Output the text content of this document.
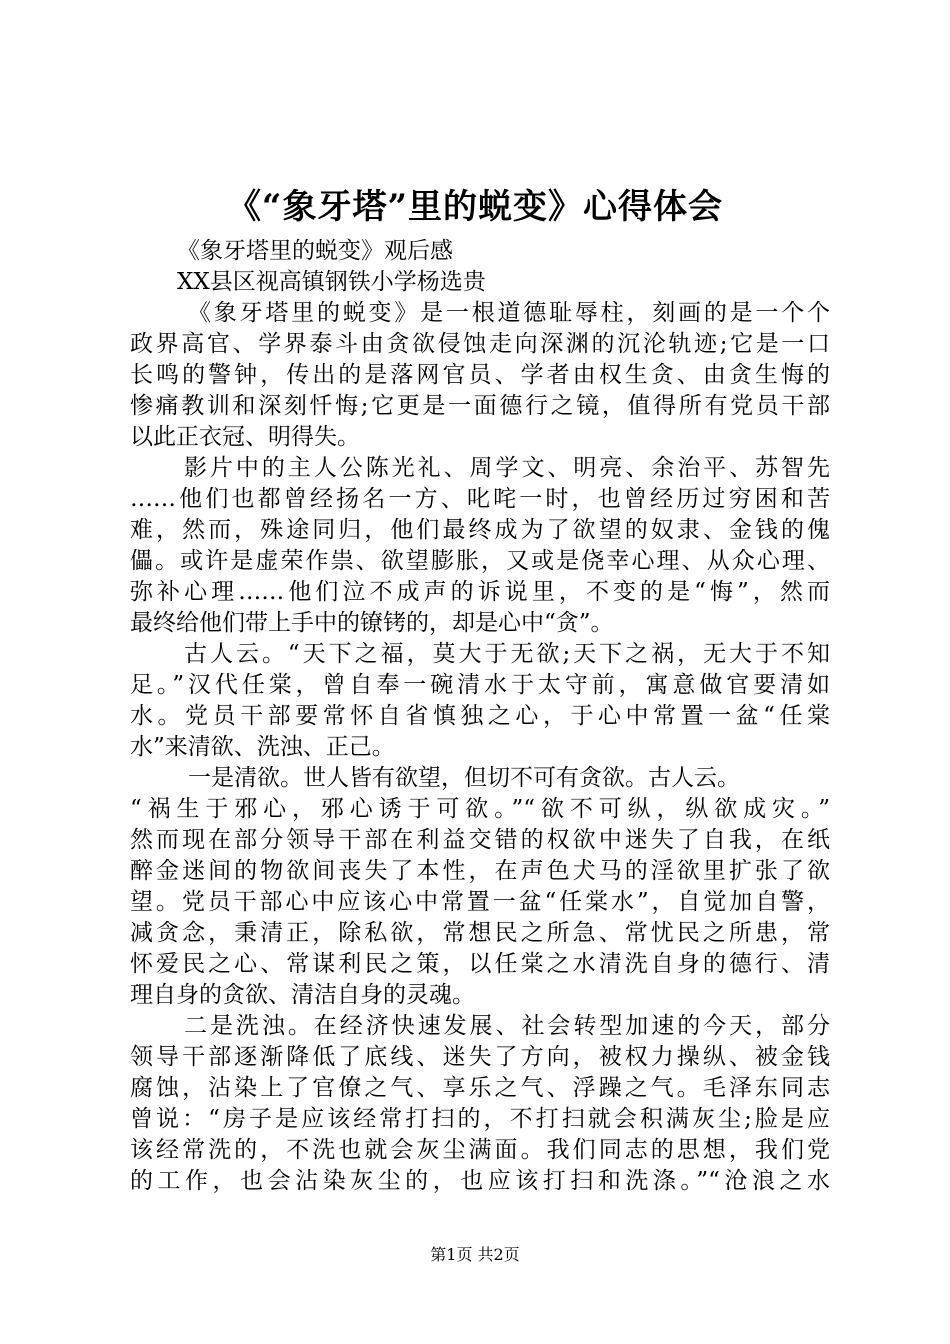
《“象牙塔”里的蜕变》心得体会
《象牙塔里的蜕变》观后感
XX县区视高镇钢铁小学杨选贵
《象牙塔里的蜕变》是一根道德耻辱柱，刻画的是一个个
政界高官、学界泰斗由贪欲侵蚀走向深渊的沉沦轨迹;它是一口
长鸣的警钟，传出的是落网官员、学者由权生贪、由贪生悔的
惨痛教训和深刻忏悔;它更是一面德行之镜，值得所有党员干部
以此正衣冠、明得失。
影片中的主人公陈光礼、周学文、明亮、余治平、苏智先
……他们也都曾经扬名一方、叱咤一时，也曾经历过穷困和苦
难，然而，殊途同归，他们最终成为了欲望的奴隶、金钱的傀
儡。或许是虚荣作祟、欲望膨胀，又或是侥幸心理、从众心理、
弥补心理……他们泣不成声的诉说里，不变的是“悔”，然而
最终给他们带上手中的镣铐的，却是心中“贪”。
古人云。“天下之福，莫大于无欲;天下之祸，无大于不知
足。”汉代任棠，曾自奉一碗清水于太守前，寓意做官要清如
水。党员干部要常怀自省慎独之心，于心中常置一盆“任棠
水”来清欲、洗浊、正己。
一是清欲。世人皆有欲望，但切不可有贪欲。古人云。
“祸生于邪心，邪心诱于可欲。”“欲不可纵，纵欲成灾。”
然而现在部分领导干部在利益交错的权欲中迷失了自我，在纸
醉金迷间的物欲间丧失了本性，在声色犬马的淫欲里扩张了欲
望。党员干部心中应该心中常置一盆“任棠水”，自觉加自警，
减贪念，秉清正，除私欲，常想民之所急、常忧民之所患，常
怀爱民之心、常谋利民之策，以任棠之水清洗自身的德行、清
理自身的贪欲、清洁自身的灵魂。
二是洗浊。在经济快速发展、社会转型加速的今天，部分
领导干部逐渐降低了底线、迷失了方向，被权力操纵、被金钱
腐蚀，沾染上了官僚之气、享乐之气、浮躁之气。毛泽东同志
曾说：“房子是应该经常打扫的，不打扫就会积满灰尘;脸是应
该经常洗的，不洗也就会灰尘满面。我们同志的思想，我们党
的工作，也会沾染灰尘的，也应该打扫和洗涤。”“沧浪之水
第1页 共2页
